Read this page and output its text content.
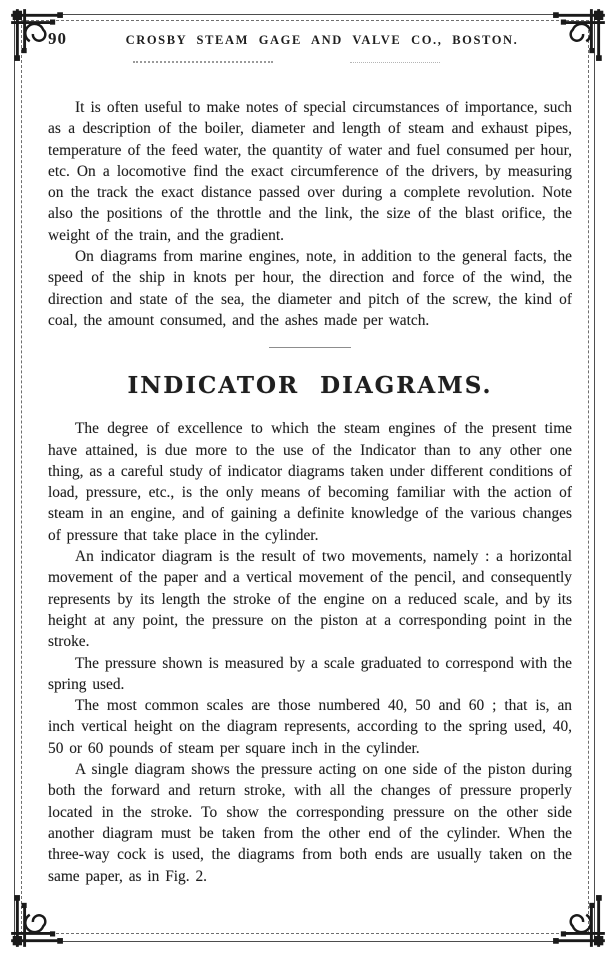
90	CROSBY STEAM GAGE AND VALVE CO., BOSTON.

It is often useful to make notes of special circumstances of importance, such as a description of the boiler, diameter and length of steam and exhaust pipes, temperature of the feed water, the quantity of water and fuel consumed per hour, etc. On a locomotive find the exact circumference of the drivers, by measuring on the track the exact distance passed over during a complete revolution. Note also the positions of the throttle and the link, the size of the blast orifice, the weight of the train, and the gradient.

On diagrams from marine engines, note, in addition to the general facts, the speed of the ship in knots per hour, the direction and force of the wind, the direction and state of the sea, the diameter and pitch of the screw, the kind of coal, the amount consumed, and the ashes made per watch.

INDICATOR DIAGRAMS.

The degree of excellence to which the steam engines of the present time have attained, is due more to the use of the Indicator than to any other one thing, as a careful study of indicator diagrams taken under different conditions of load, pressure, etc., is the only means of becoming familiar with the action of steam in an engine, and of gaining a definite knowledge of the various changes of pressure that take place in the cylinder.

An indicator diagram is the result of two movements, namely : a horizontal movement of the paper and a vertical movement of the pencil, and consequently represents by its length the stroke of the engine on a reduced scale, and by its height at any point, the pressure on the piston at a corresponding point in the stroke.

The pressure shown is measured by a scale graduated to correspond with the spring used.

The most common scales are those numbered 40, 50 and 60 ; that is, an inch vertical height on the diagram represents, according to the spring used, 40, 50 or 60 pounds of steam per square inch in the cylinder.

A single diagram shows the pressure acting on one side of the piston during both the forward and return stroke, with all the changes of pressure properly located in the stroke. To show the corresponding pressure on the other side another diagram must be taken from the other end of the cylinder. When the three-way cock is used, the diagrams from both ends are usually taken on the same paper, as in Fig. 2.
